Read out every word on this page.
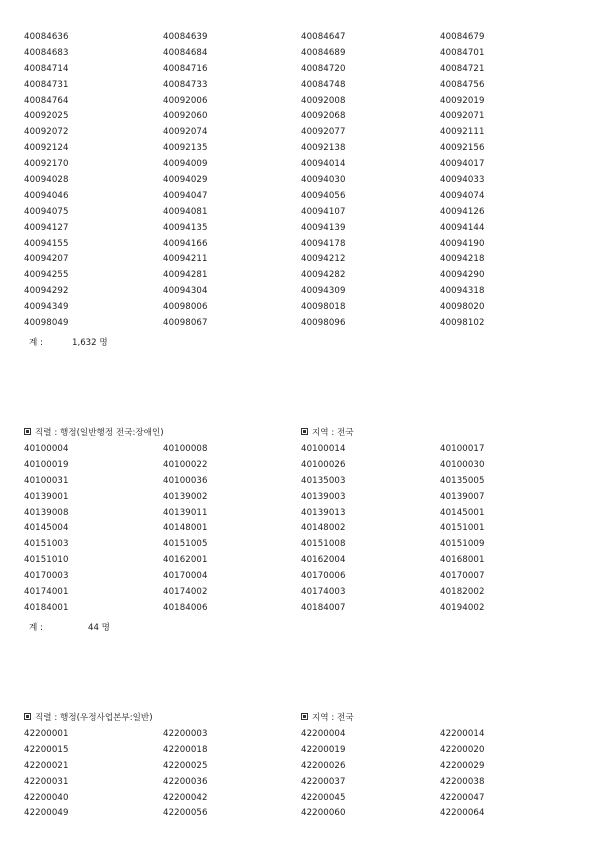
40084636	40084639	40084647	40084679
40084683	40084684	40084689	40084701
40084714	40084716	40084720	40084721
40084731	40084733	40084748	40084756
40084764	40092006	40092008	40092019
40092025	40092060	40092068	40092071
40092072	40092074	40092077	40092111
40092124	40092135	40092138	40092156
40092170	40094009	40094014	40094017
40094028	40094029	40094030	40094033
40094046	40094047	40094056	40094074
40094075	40094081	40094107	40094126
40094127	40094135	40094139	40094144
40094155	40094166	40094178	40094190
40094207	40094211	40094212	40094218
40094255	40094281	40094282	40094290
40094292	40094304	40094309	40094318
40094349	40098006	40098018	40098020
40098049	40098067	40098096	40098102
계 :	1,632 명
직렬 : 행정(일반행정 전국:장애인)	지역 : 전국
40100004	40100008	40100014	40100017
40100019	40100022	40100026	40100030
40100031	40100036	40135003	40135005
40139001	40139002	40139003	40139007
40139008	40139011	40139013	40145001
40145004	40148001	40148002	40151001
40151003	40151005	40151008	40151009
40151010	40162001	40162004	40168001
40170003	40170004	40170006	40170007
40174001	40174002	40174003	40182002
40184001	40184006	40184007	40194002
계 :	44 명
직렬 : 행정(우정사업본부:일반)	지역 : 전국
42200001	42200003	42200004	42200014
42200015	42200018	42200019	42200020
42200021	42200025	42200026	42200029
42200031	42200036	42200037	42200038
42200040	42200042	42200045	42200047
42200049	42200056	42200060	42200064
